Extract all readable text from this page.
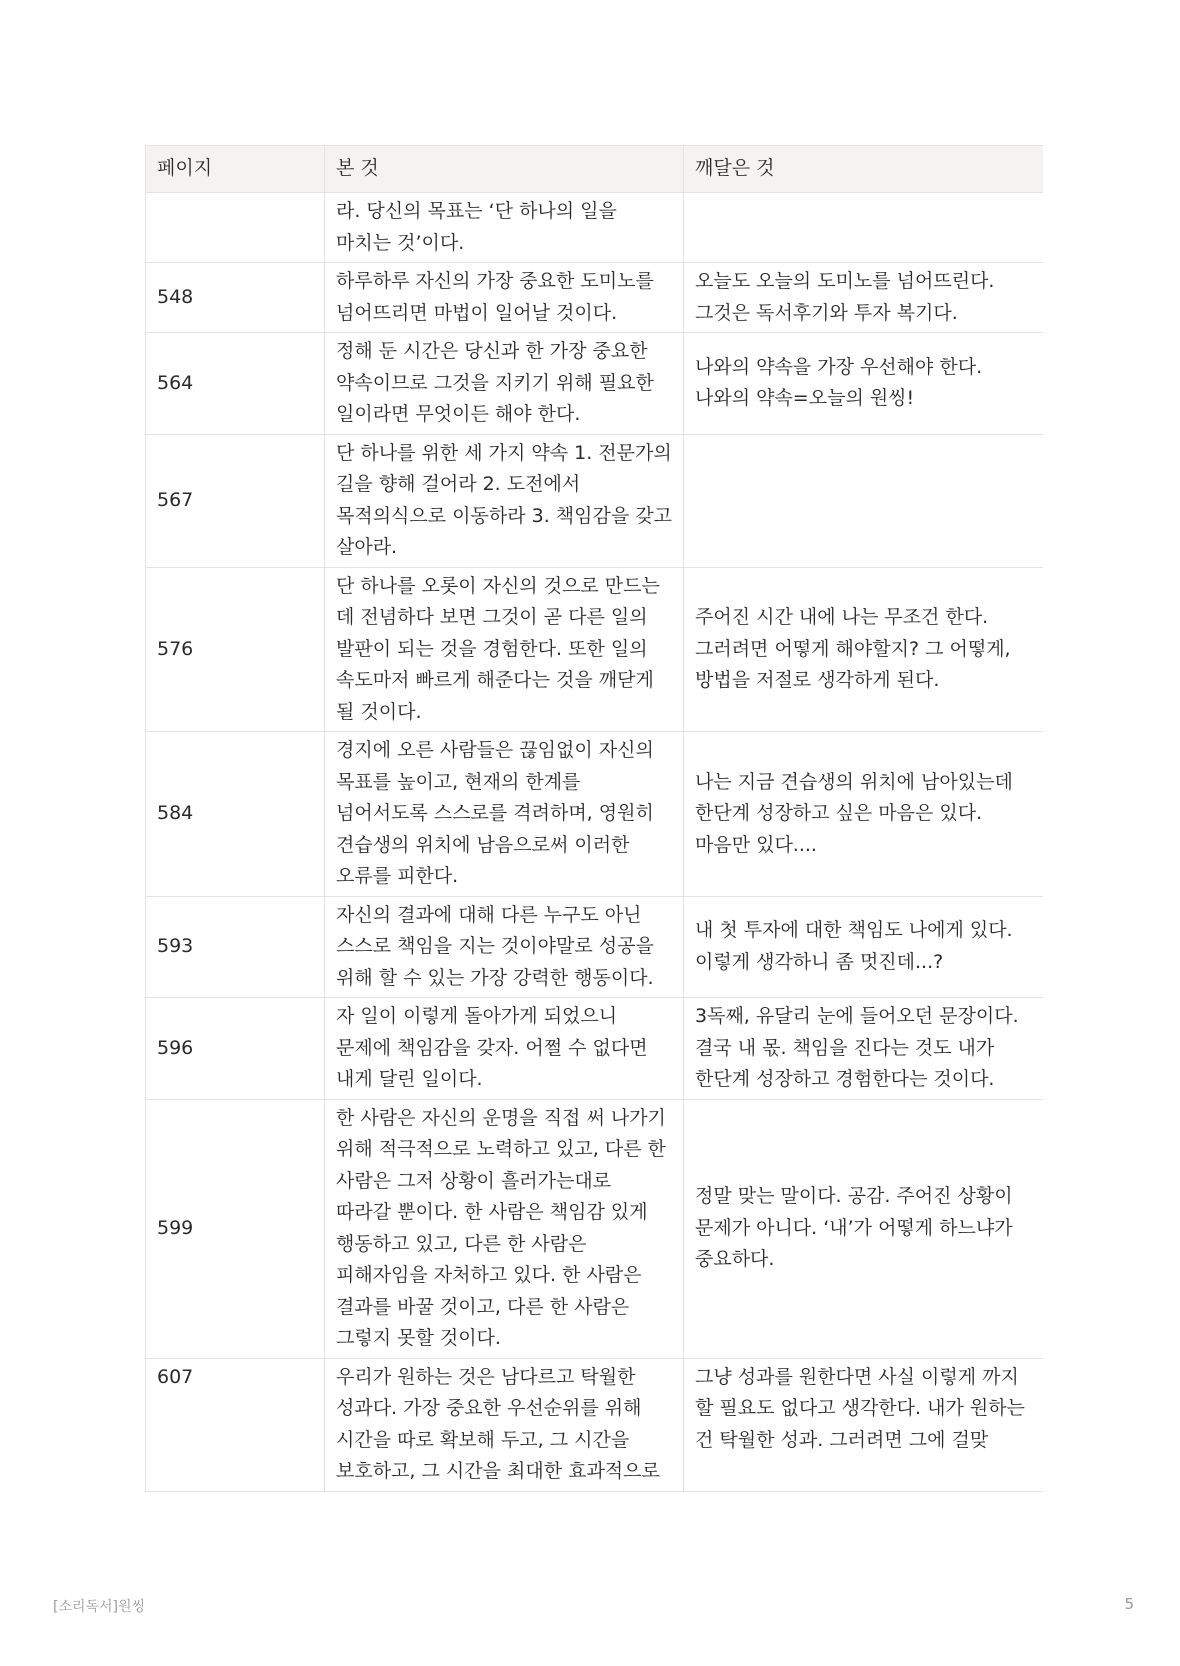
페이지	본 것	깨달은 것
	라. 당신의 목표는 ‘단 하나의 일을 마치는 것’이다.	
548	하루하루 자신의 가장 중요한 도미노를 넘어뜨리면 마법이 일어날 것이다.	오늘도 오늘의 도미노를 넘어뜨린다. 그것은 독서후기와 투자 복기다.
564	정해 둔 시간은 당신과 한 가장 중요한 약속이므로 그것을 지키기 위해 필요한 일이라면 무엇이든 해야 한다.	나와의 약속을 가장 우선해야 한다. 나와의 약속=오늘의 원씽!
567	단 하나를 위한 세 가지 약속 1. 전문가의 길을 향해 걸어라 2. 도전에서 목적의식으로 이동하라 3. 책임감을 갖고 살아라.	
576	단 하나를 오롯이 자신의 것으로 만드는 데 전념하다 보면 그것이 곧 다른 일의 발판이 되는 것을 경험한다. 또한 일의 속도마저 빠르게 해준다는 것을 깨닫게 될 것이다.	주어진 시간 내에 나는 무조건 한다. 그러려면 어떻게 해야할지? 그 어떻게, 방법을 저절로 생각하게 된다.
584	경지에 오른 사람들은 끊임없이 자신의 목표를 높이고, 현재의 한계를 넘어서도록 스스로를 격려하며, 영원히 견습생의 위치에 남음으로써 이러한 오류를 피한다.	나는 지금 견습생의 위치에 남아있는데 한단계 성장하고 싶은 마음은 있다. 마음만 있다....
593	자신의 결과에 대해 다른 누구도 아닌 스스로 책임을 지는 것이야말로 성공을 위해 할 수 있는 가장 강력한 행동이다.	내 첫 투자에 대한 책임도 나에게 있다. 이렇게 생각하니 좀 멋진데...?
596	자 일이 이렇게 돌아가게 되었으니 문제에 책임감을 갖자. 어쩔 수 없다면 내게 달린 일이다.	3독째, 유달리 눈에 들어오던 문장이다. 결국 내 몫. 책임을 진다는 것도 내가 한단계 성장하고 경험한다는 것이다.
599	한 사람은 자신의 운명을 직접 써 나가기 위해 적극적으로 노력하고 있고, 다른 한 사람은 그저 상황이 흘러가는대로 따라갈 뿐이다. 한 사람은 책임감 있게 행동하고 있고, 다른 한 사람은 피해자임을 자처하고 있다. 한 사람은 결과를 바꿀 것이고, 다른 한 사람은 그렇지 못할 것이다.	정말 맞는 말이다. 공감. 주어진 상황이 문제가 아니다. ‘내’가 어떻게 하느냐가 중요하다.
607	우리가 원하는 것은 남다르고 탁월한 성과다. 가장 중요한 우선순위를 위해 시간을 따로 확보해 두고, 그 시간을 보호하고, 그 시간을 최대한 효과적으로	그냥 성과를 원한다면 사실 이렇게 까지 할 필요도 없다고 생각한다. 내가 원하는 건 탁월한 성과. 그러려면 그에 걸맞
[소리독서]원씽	5
